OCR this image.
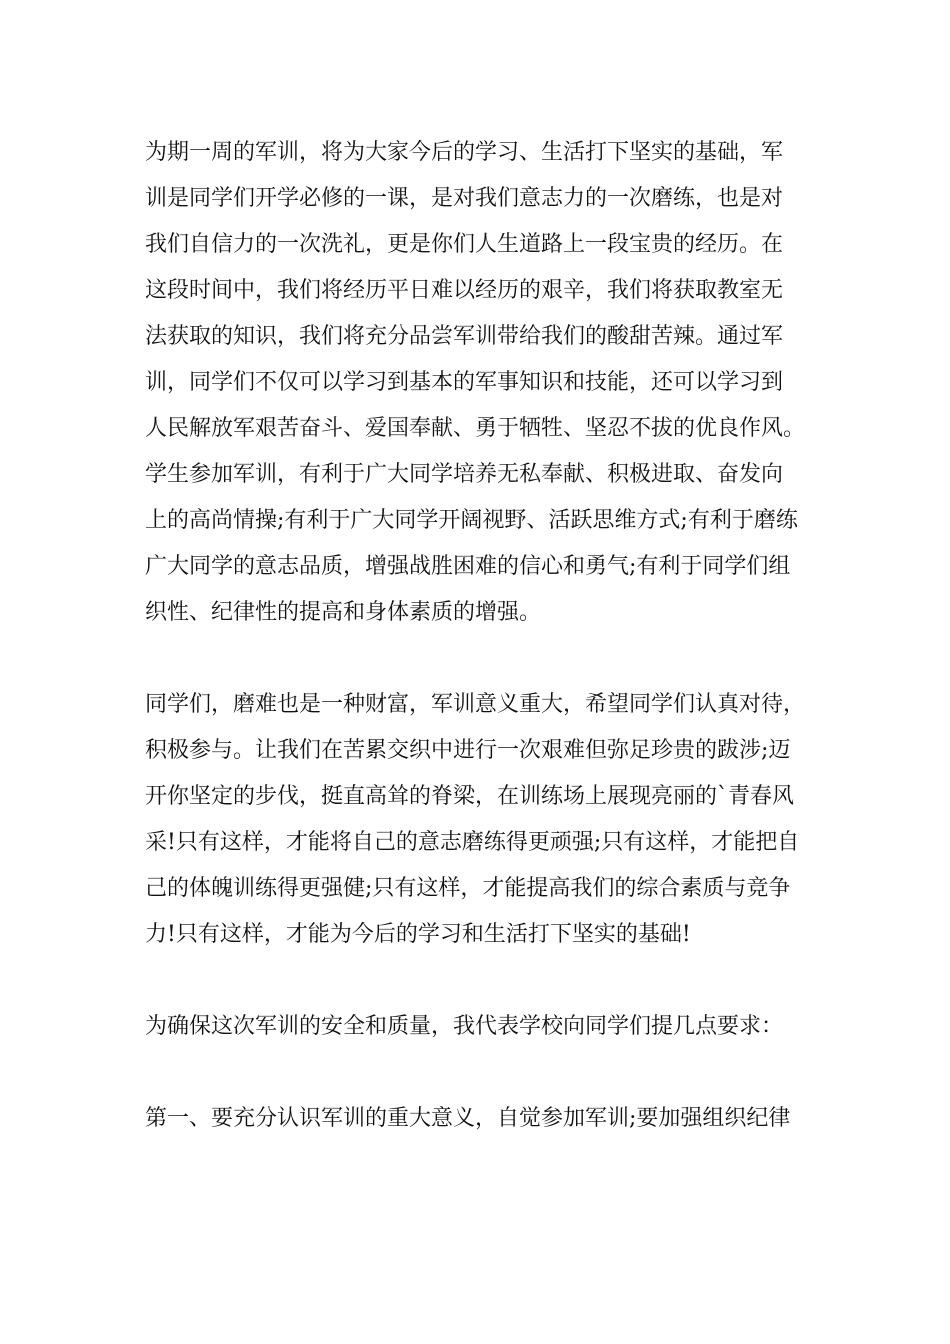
为期一周的军训，将为大家今后的学习、生活打下坚实的基础，军
训是同学们开学必修的一课，是对我们意志力的一次磨练，也是对
我们自信力的一次洗礼，更是你们人生道路上一段宝贵的经历。在
这段时间中，我们将经历平日难以经历的艰辛，我们将获取教室无
法获取的知识，我们将充分品尝军训带给我们的酸甜苦辣。通过军
训，同学们不仅可以学习到基本的军事知识和技能，还可以学习到
人民解放军艰苦奋斗、爱国奉献、勇于牺牲、坚忍不拔的优良作风。
学生参加军训，有利于广大同学培养无私奉献、积极进取、奋发向
上的高尚情操;有利于广大同学开阔视野、活跃思维方式;有利于磨练
广大同学的意志品质，增强战胜困难的信心和勇气;有利于同学们组
织性、纪律性的提高和身体素质的增强。
同学们，磨难也是一种财富，军训意义重大，希望同学们认真对待，
积极参与。让我们在苦累交织中进行一次艰难但弥足珍贵的跋涉;迈
开你坚定的步伐，挺直高耸的脊梁，在训练场上展现亮丽的`青春风
采!只有这样，才能将自己的意志磨练得更顽强;只有这样，才能把自
己的体魄训练得更强健;只有这样，才能提高我们的综合素质与竞争
力!只有这样，才能为今后的学习和生活打下坚实的基础!
为确保这次军训的安全和质量，我代表学校向同学们提几点要求：
第一、要充分认识军训的重大意义，自觉参加军训;要加强组织纪律
